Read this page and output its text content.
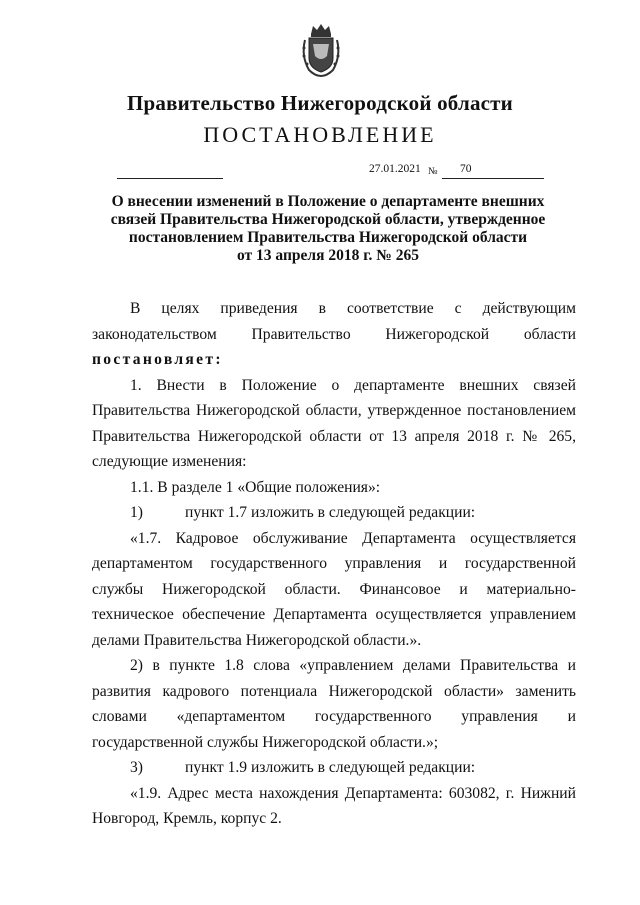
Правительство Нижегородской области
ПОСТАНОВЛЕНИЕ
27.01.2021 № 70
О внесении изменений в Положение о департаменте внешних
связей Правительства Нижегородской области, утвержденное
постановлением Правительства Нижегородской области
от 13 апреля 2018 г. № 265

В целях приведения в соответствие с действующим законодательством Правительство Нижегородской области

постановляет:

1. Внести в Положение о департаменте внешних связей Правительства Нижегородской области, утвержденное постановлением Правительства Нижегородской области от 13 апреля 2018 г. № 265, следующие изменения:

1.1. В разделе 1 «Общие положения»:

1)	пункт 1.7 изложить в следующей редакции:

«1.7. Кадровое обслуживание Департамента осуществляется департаментом государственного управления и государственной службы Нижегородской области. Финансовое и материально-техническое обеспечение Департамента осуществляется управлением делами Правительства Нижегородской области.».

2) в пункте 1.8 слова «управлением делами Правительства и развития кадрового потенциала Нижегородской области» заменить словами «департаментом государственного управления и государственной службы Нижегородской области.»;

3)	пункт 1.9 изложить в следующей редакции:

«1.9. Адрес места нахождения Департамента: 603082, г. Нижний Новгород, Кремль, корпус 2.
